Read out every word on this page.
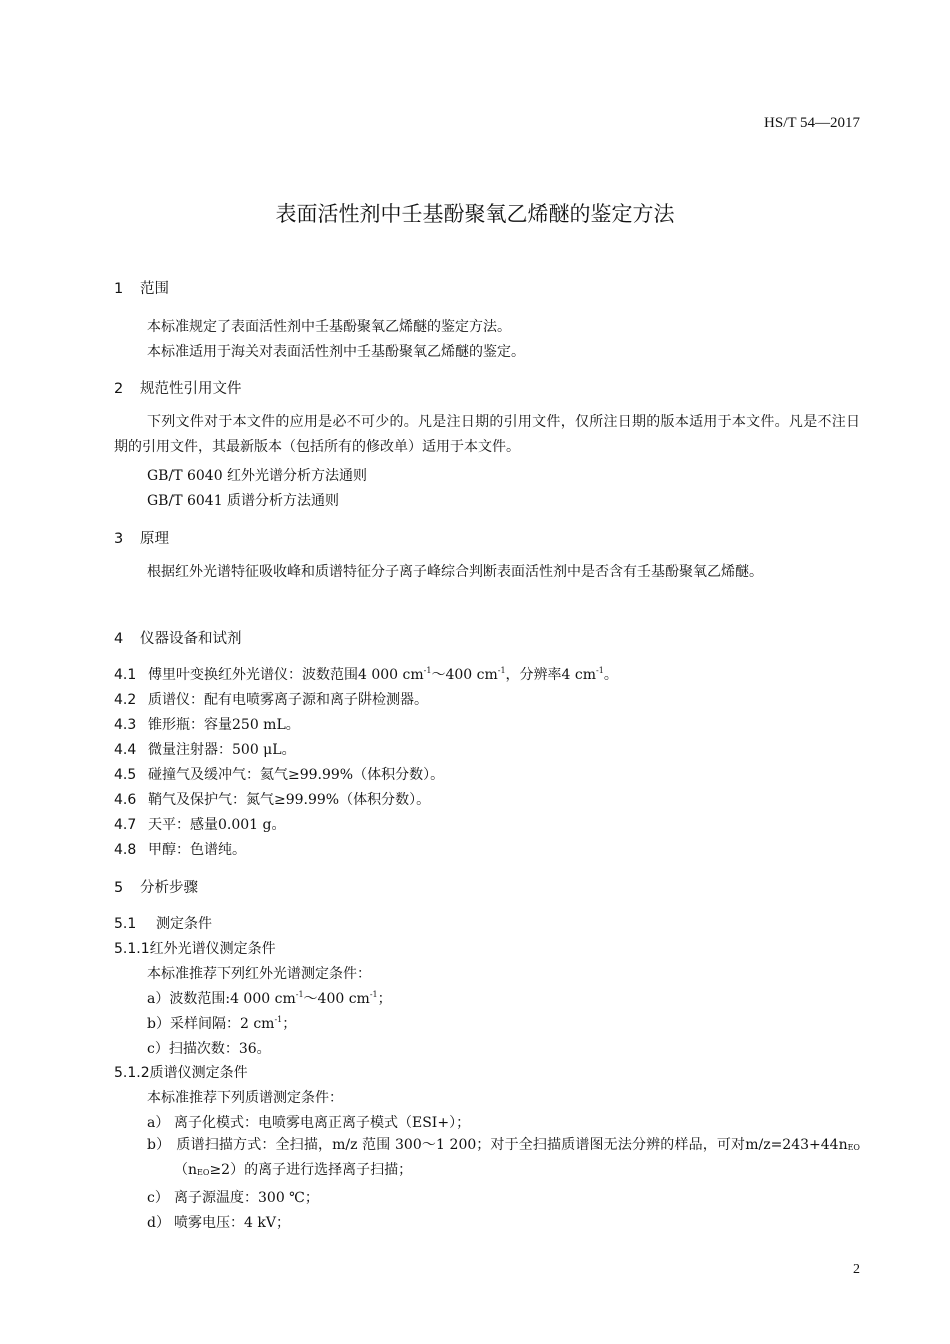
HS/T 54—2017
表面活性剂中壬基酚聚氧乙烯醚的鉴定方法
1 范围
本标准规定了表面活性剂中壬基酚聚氧乙烯醚的鉴定方法。
本标准适用于海关对表面活性剂中壬基酚聚氧乙烯醚的鉴定。
2 规范性引用文件
下列文件对于本文件的应用是必不可少的。凡是注日期的引用文件，仅所注日期的版本适用于本文件。凡是不注日期的引用文件，其最新版本（包括所有的修改单）适用于本文件。
GB/T 6040 红外光谱分析方法通则
GB/T 6041 质谱分析方法通则
3 原理
根据红外光谱特征吸收峰和质谱特征分子离子峰综合判断表面活性剂中是否含有壬基酚聚氧乙烯醚。
4 仪器设备和试剂
4.1 傅里叶变换红外光谱仪：波数范围4 000 $cm^{-1}\sim 400$ $cm^{-1}$，分辨率4 $cm^{-1}$。
4.2 质谱仪：配有电喷雾离子源和离子阱检测器。
4.3 锥形瓶：容量250 mL。
4.4 微量注射器：500 μL。
4.5 碰撞气及缓冲气：氦气≥99.99%（体积分数）。
4.6 鞘气及保护气：氮气≥99.99%（体积分数）。
4.7 天平：感量0.001 g。
4.8 甲醇：色谱纯。
5 分析步骤
5.1 测定条件
5.1.1红外光谱仪测定条件
本标准推荐下列红外光谱测定条件：
a）波数范围:4 000 $cm^{-1}\sim 400$ $cm^{-1}$；
b）采样间隔：2 $cm^{-1}$；
c）扫描次数：36。
5.1.2质谱仪测定条件
本标准推荐下列质谱测定条件：
a） 离子化模式：电喷雾电离正离子模式（ESI+）；
b） 质谱扫描方式：全扫描，m/z 范围 300～1 200；对于全扫描质谱图无法分辨的样品，可对$m/z=243+44n_{EO}$ $(n_{EO}\ge 2)$的离子进行选择离子扫描；
c） 离子源温度：300 ℃；
d） 喷雾电压：4 kV；
2
